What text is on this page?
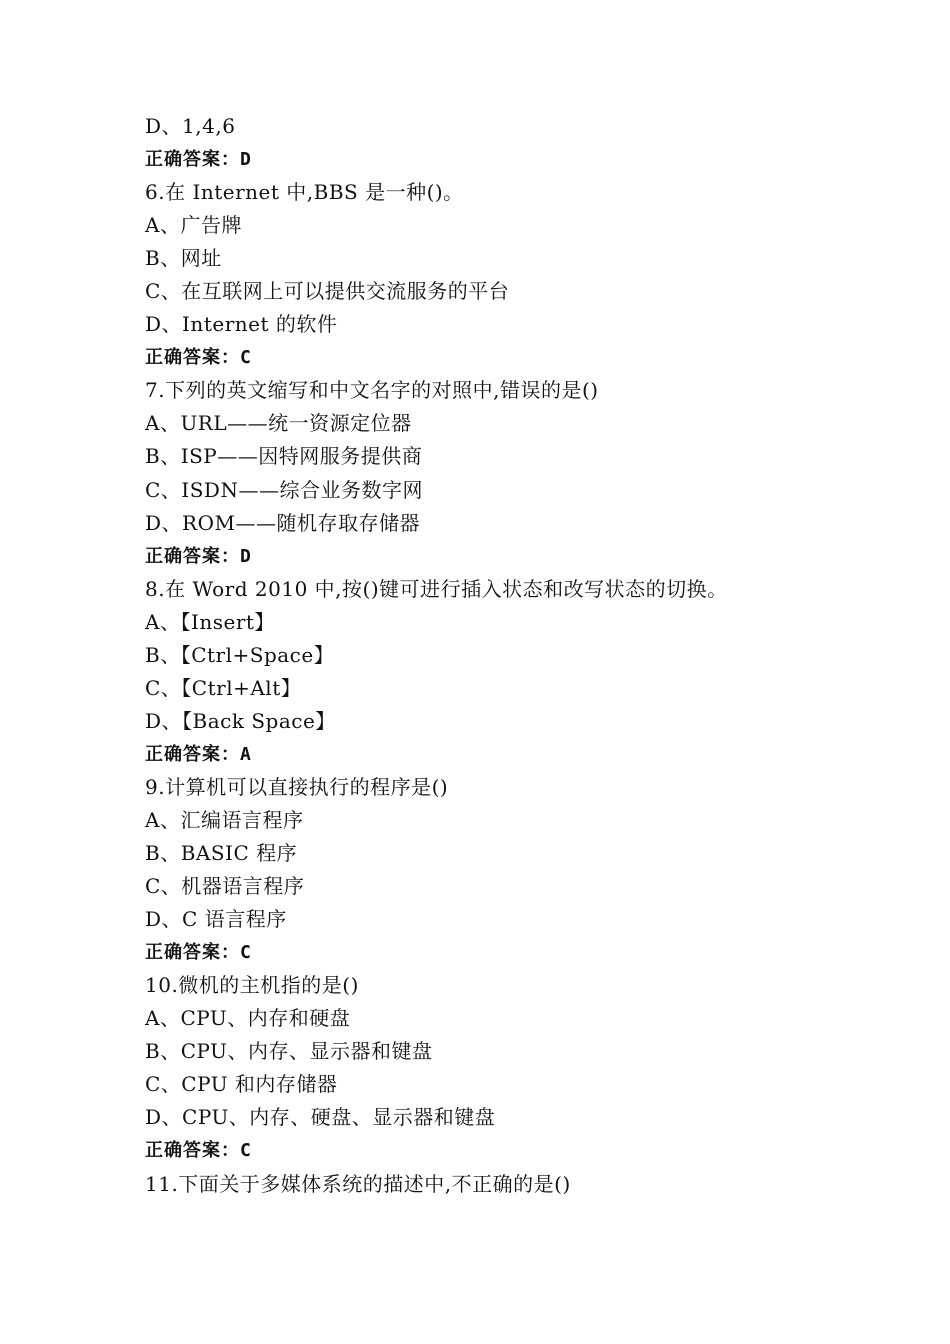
D、1,4,6
正确答案：D
6.在 Internet 中,BBS 是一种()。
A、广告牌
B、网址
C、在互联网上可以提供交流服务的平台
D、Internet 的软件
正确答案：C
7.下列的英文缩写和中文名字的对照中,错误的是()
A、URL——统一资源定位器
B、ISP——因特网服务提供商
C、ISDN——综合业务数字网
D、ROM——随机存取存储器
正确答案：D
8.在 Word 2010 中,按()键可进行插入状态和改写状态的切换。
A、【Insert】
B、【Ctrl+Space】
C、【Ctrl+Alt】
D、【Back Space】
正确答案：A
9.计算机可以直接执行的程序是()
A、汇编语言程序
B、BASIC 程序
C、机器语言程序
D、C 语言程序
正确答案：C
10.微机的主机指的是()
A、CPU、内存和硬盘
B、CPU、内存、显示器和键盘
C、CPU 和内存储器
D、CPU、内存、硬盘、显示器和键盘
正确答案：C
11.下面关于多媒体系统的描述中,不正确的是()
